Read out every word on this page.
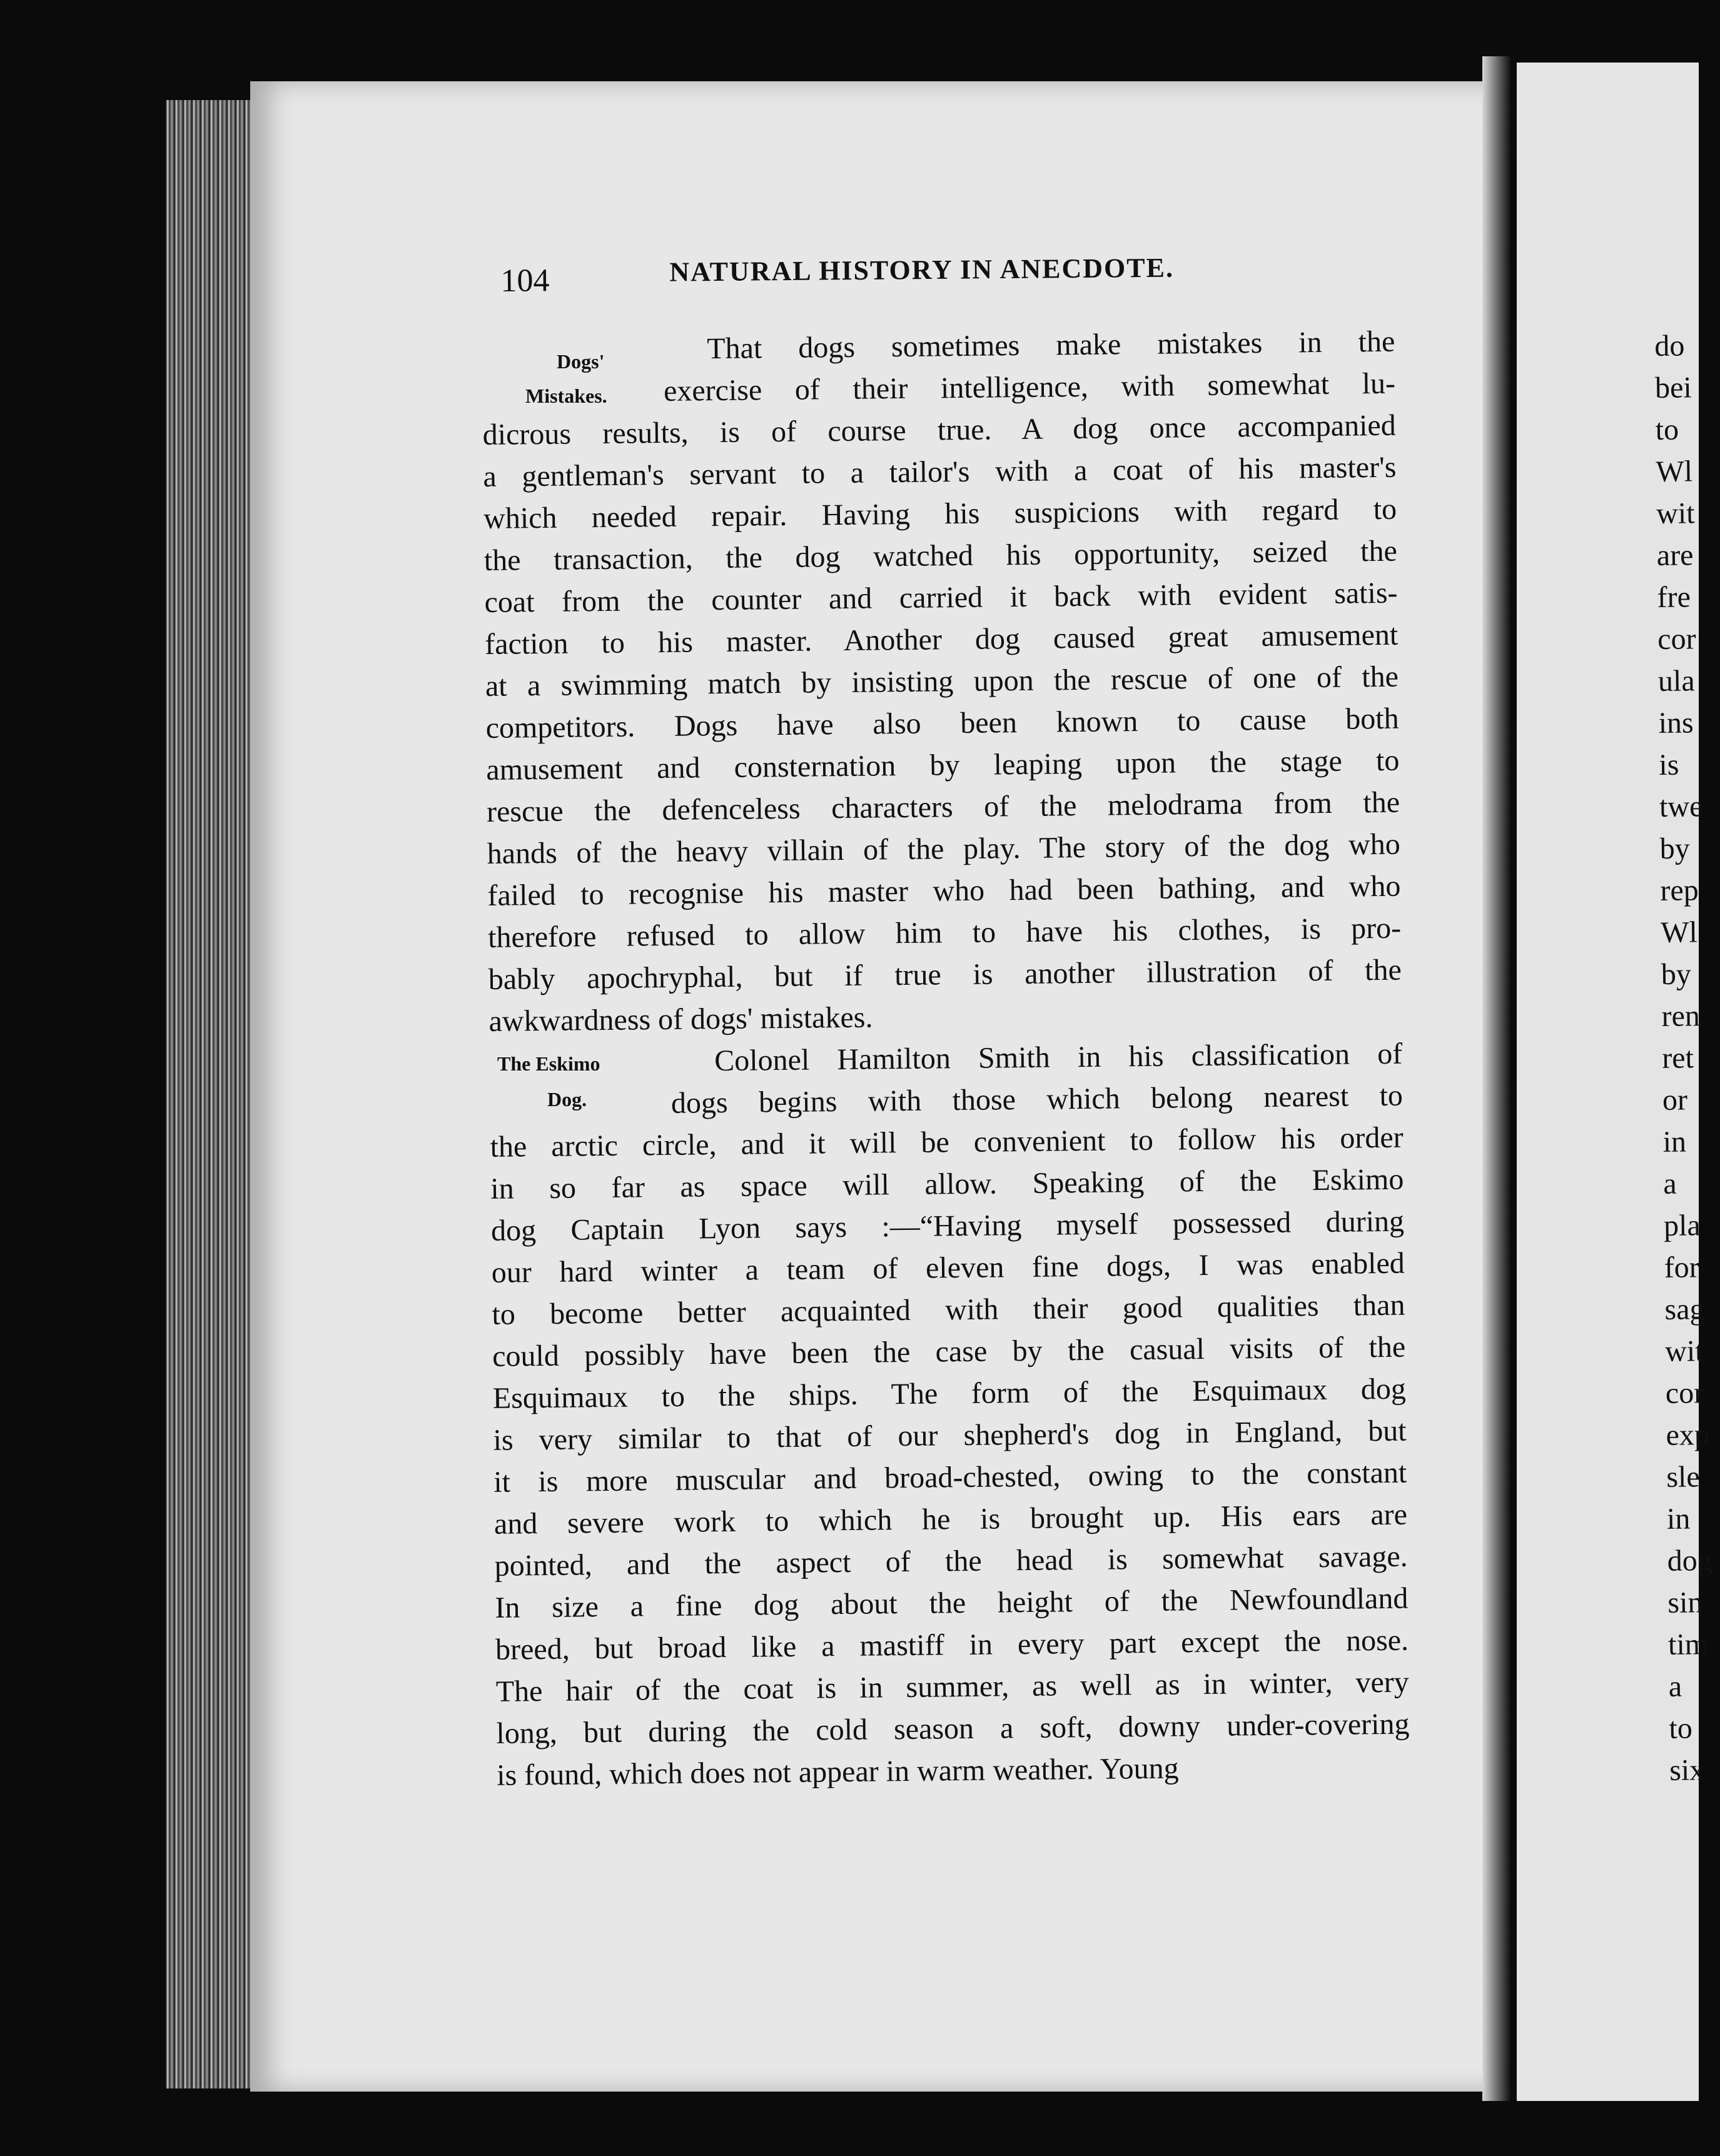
104	NATURAL HISTORY IN ANECDOTE.
Dogs'
Mistakes.
The Eskimo
Dog.
That dogs sometimes make mistakes in the
exercise of their intelligence, with somewhat lu-
dicrous results, is of course true. A dog once accompanied
a gentleman's servant to a tailor's with a coat of his master's
which needed repair. Having his suspicions with regard to
the transaction, the dog watched his opportunity, seized the
coat from the counter and carried it back with evident satis-
faction to his master. Another dog caused great amusement
at a swimming match by insisting upon the rescue of one of the
competitors. Dogs have also been known to cause both
amusement and consternation by leaping upon the stage to
rescue the defenceless characters of the melodrama from the
hands of the heavy villain of the play. The story of the dog who
failed to recognise his master who had been bathing, and who
therefore refused to allow him to have his clothes, is pro-
bably apochryphal, but if true is another illustration of the
awkwardness of dogs' mistakes.
Colonel Hamilton Smith in his classification of
dogs begins with those which belong nearest to
the arctic circle, and it will be convenient to follow his order
in so far as space will allow. Speaking of the Eskimo
dog Captain Lyon says :—“Having myself possessed during
our hard winter a team of eleven fine dogs, I was enabled
to become better acquainted with their good qualities than
could possibly have been the case by the casual visits of the
Esquimaux to the ships. The form of the Esquimaux dog
is very similar to that of our shepherd's dog in England, but
it is more muscular and broad-chested, owing to the constant
and severe work to which he is brought up. His ears are
pointed, and the aspect of the head is somewhat savage.
In size a fine dog about the height of the Newfoundland
breed, but broad like a mastiff in every part except the nose.
The hair of the coat is in summer, as well as in winter, very
long, but during the cold season a soft, downy under-covering
is found, which does not appear in warm weather. Young
do
bei
to
Wl
wit
are
fre
cor
ula
ins
is
twe
by
rep
Wl
by
ren
ret
or
in
a
pla
for
sag
wit
cor
exp
sle
in
dog
sin
tim
a
to
six
